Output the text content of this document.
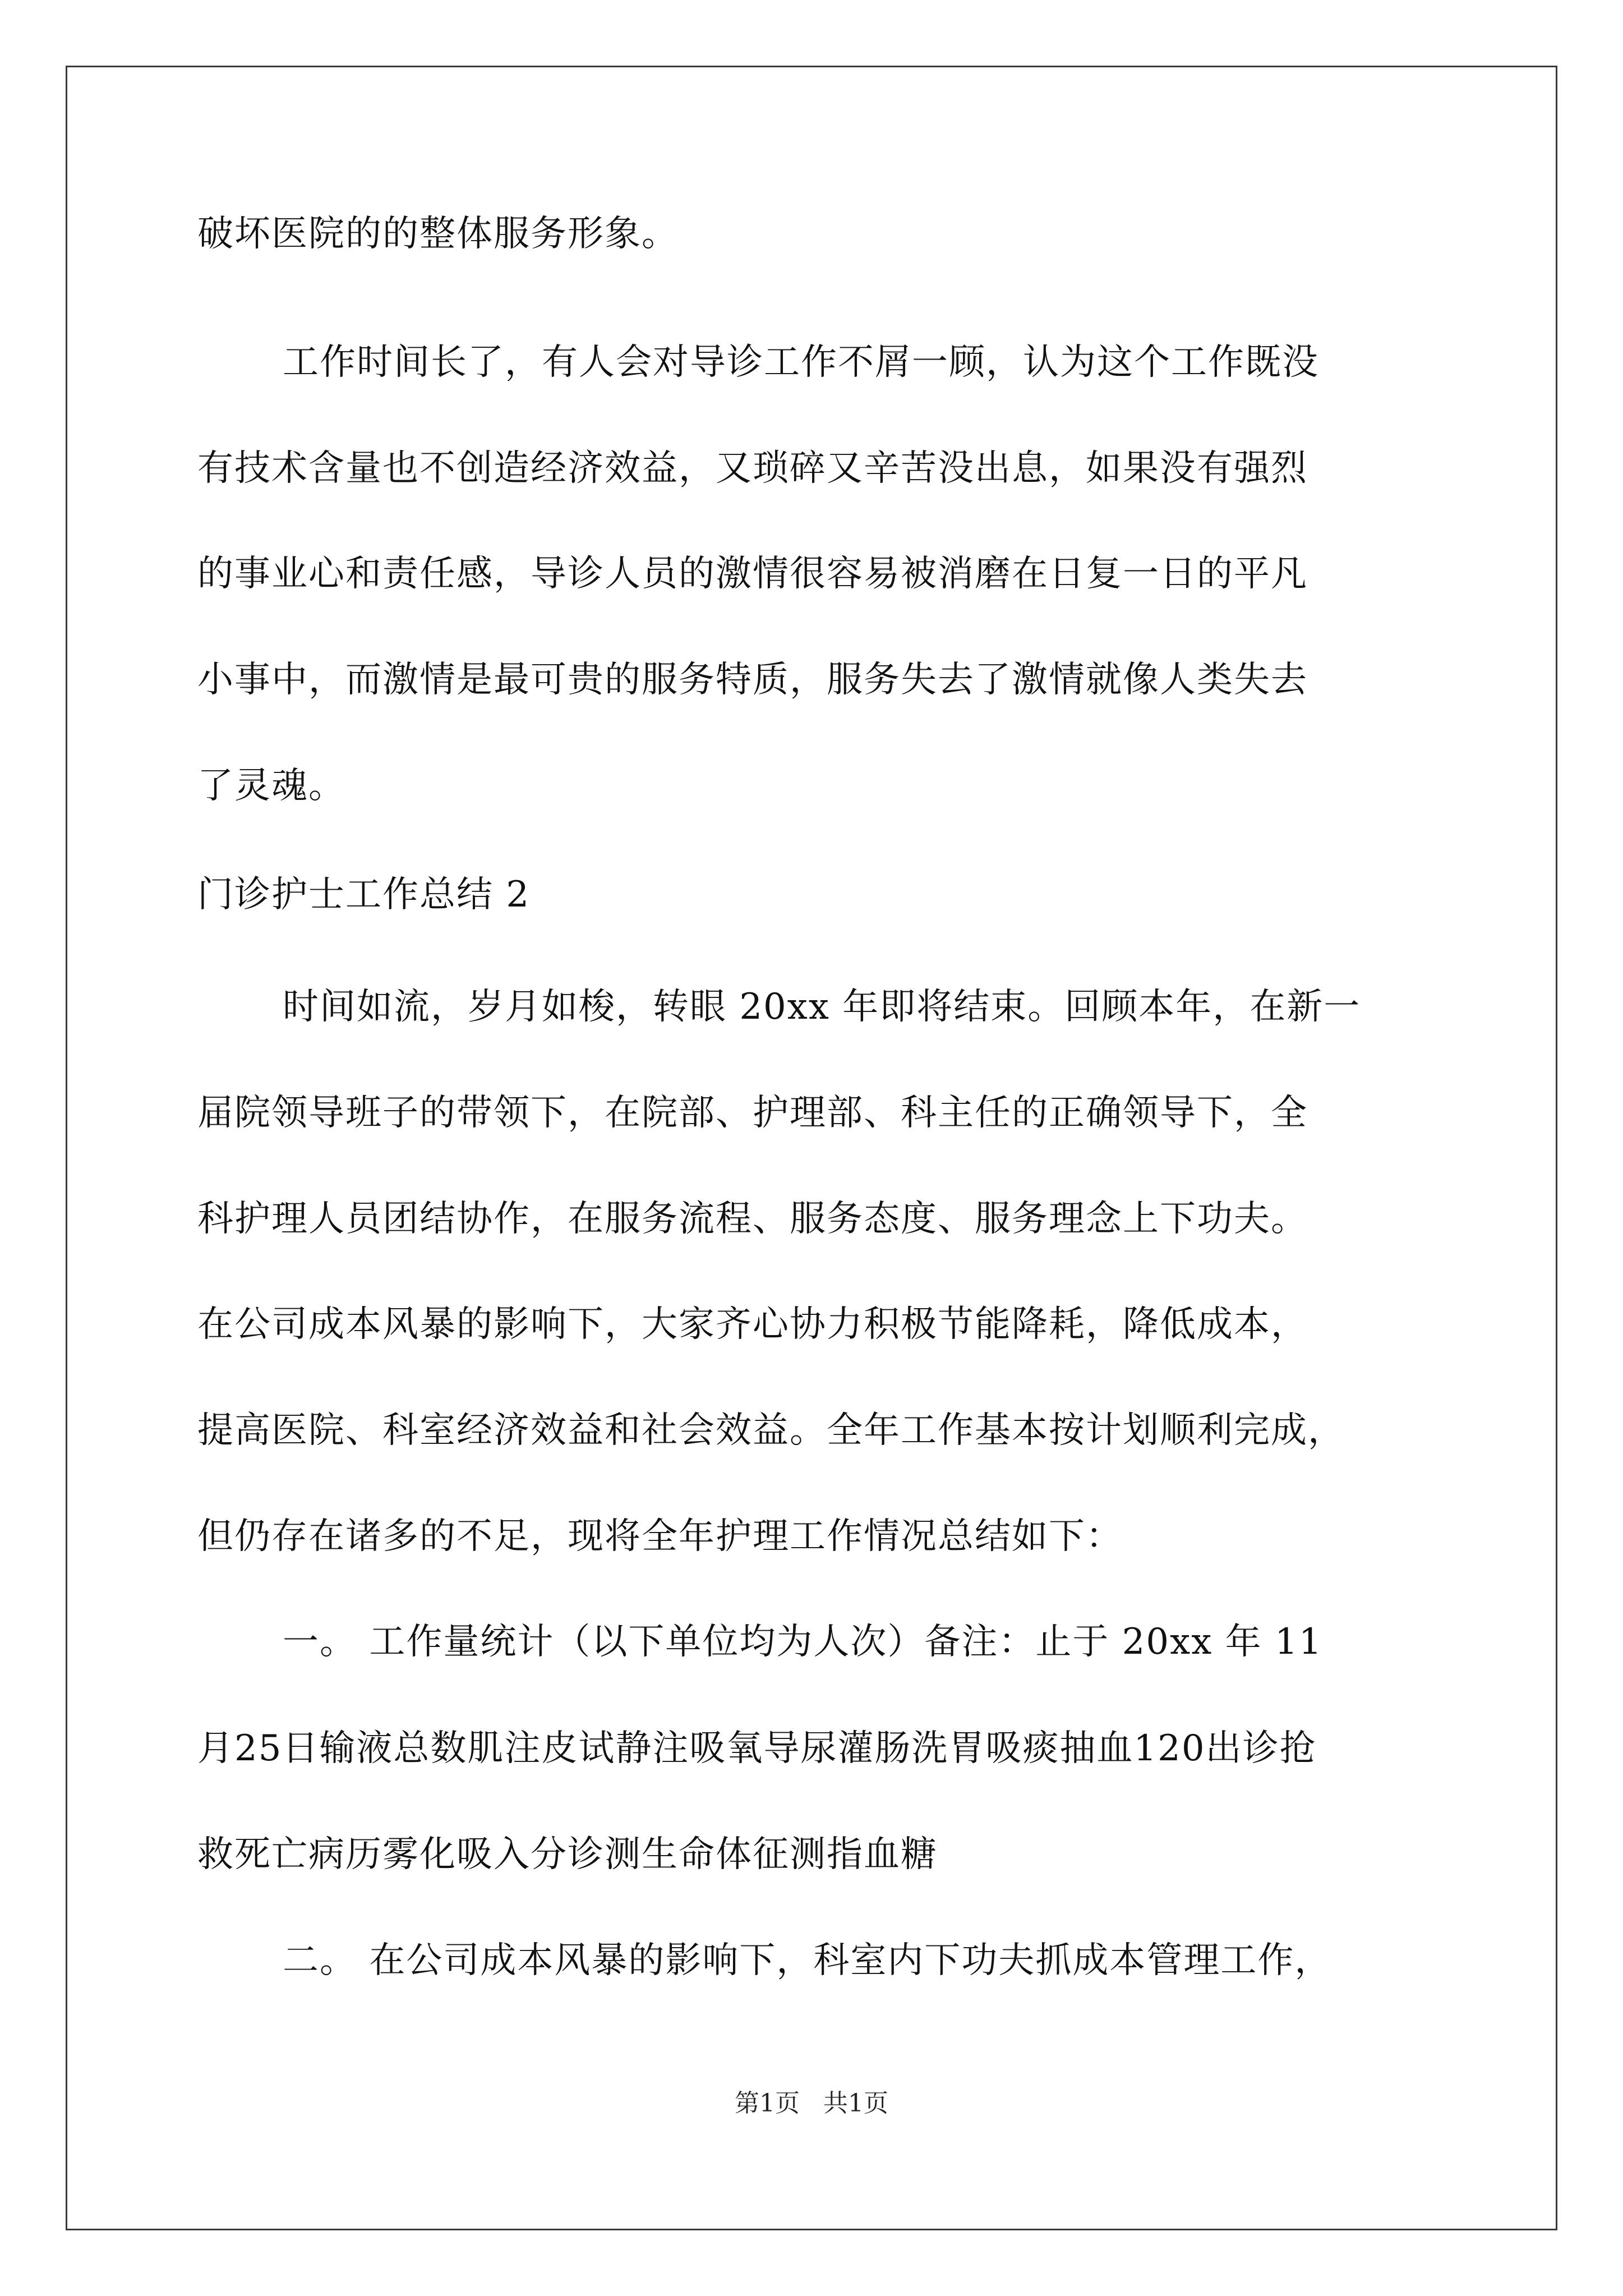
破坏医院的的整体服务形象。
工作时间长了，有人会对导诊工作不屑一顾，认为这个工作既没
有技术含量也不创造经济效益，又琐碎又辛苦没出息，如果没有强烈
的事业心和责任感，导诊人员的激情很容易被消磨在日复一日的平凡
小事中，而激情是最可贵的服务特质，服务失去了激情就像人类失去
了灵魂。
门诊护士工作总结 2
时间如流，岁月如梭，转眼 20xx 年即将结束。回顾本年，在新一
届院领导班子的带领下，在院部、护理部、科主任的正确领导下，全
科护理人员团结协作，在服务流程、服务态度、服务理念上下功夫。
在公司成本风暴的影响下，大家齐心协力积极节能降耗，降低成本，
提高医院、科室经济效益和社会效益。全年工作基本按计划顺利完成，
但仍存在诸多的不足，现将全年护理工作情况总结如下：
一。 工作量统计（以下单位均为人次）备注：止于 20xx 年 11
月25日输液总数肌注皮试静注吸氧导尿灌肠洗胃吸痰抽血120出诊抢
救死亡病历雾化吸入分诊测生命体征测指血糖
二。 在公司成本风暴的影响下，科室内下功夫抓成本管理工作，
第1页   共1页
